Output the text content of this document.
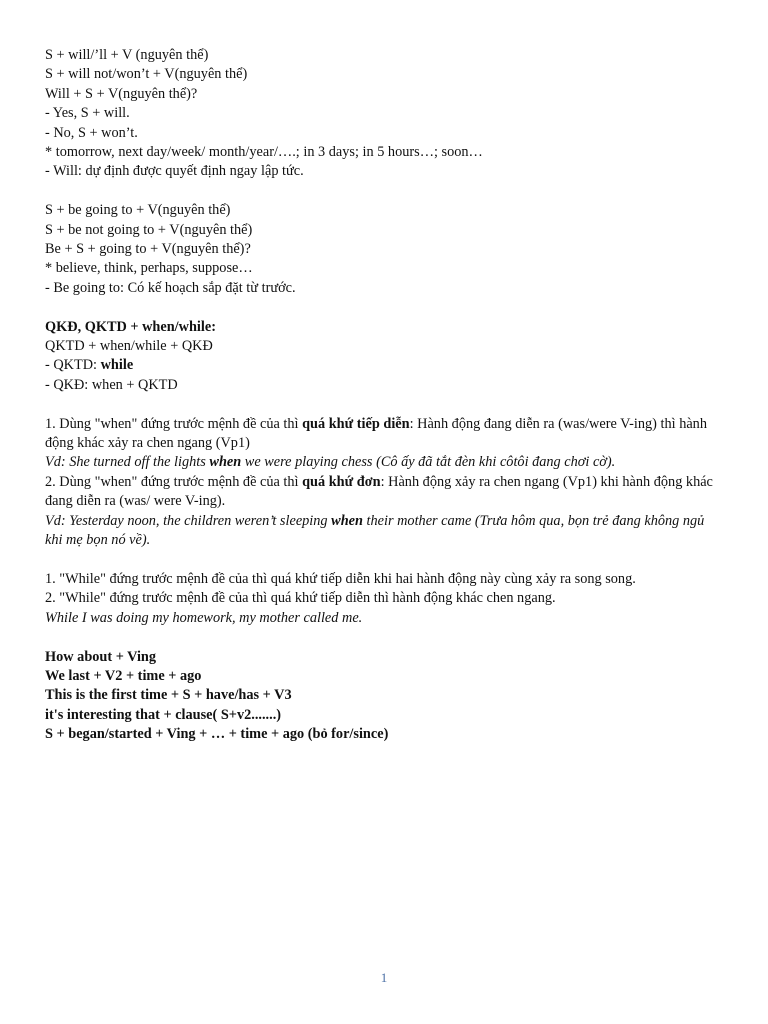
S + will/’ll + V (nguyên thể)
S + will not/won’t + V(nguyên thể)
Will + S + V(nguyên thể)?
- Yes, S + will.
- No, S + won’t.
* tomorrow, next day/week/ month/year/….; in 3 days; in 5 hours…; soon…
- Will: dự định được quyết định ngay lập tức.
S + be going to + V(nguyên thể)
S + be not going to + V(nguyên thể)
Be + S + going to + V(nguyên thể)?
* believe, think, perhaps, suppose…
- Be going to: Có kế hoạch sắp đặt từ trước.
QKĐ, QKTD + when/while:
QKTD + when/while + QKĐ
- QKTD: while
- QKĐ: when + QKTD
1. Dùng "when" đứng trước mệnh đề của thì quá khứ tiếp diễn: Hành động đang diễn ra (was/were V-ing) thì hành động khác xảy ra chen ngang (Vp1)
Vd: She turned off the lights when we were playing chess (Cô ấy đã tắt đèn khi côtôi đang chơi cờ).
2. Dùng "when" đứng trước mệnh đề của thì quá khứ đơn: Hành động xảy ra chen ngang (Vp1) khi hành động khác đang diễn ra (was/ were V-ing).
Vd: Yesterday noon, the children weren’t sleeping when their mother came (Trưa hôm qua, bọn trẻ đang không ngủ khi mẹ bọn nó về).
1. "While" đứng trước mệnh đề của thì quá khứ tiếp diễn khi hai hành động này cùng xảy ra song song.
2. "While" đứng trước mệnh đề của thì quá khứ tiếp diễn thì hành động khác chen ngang.
While I was doing my homework, my mother called me.
How about + Ving
We last + V2 + time + ago
This is the first time + S + have/has + V3
it's interesting that + clause( S+v2.......)
S + began/started + Ving + … + time + ago (bỏ for/since)
1
